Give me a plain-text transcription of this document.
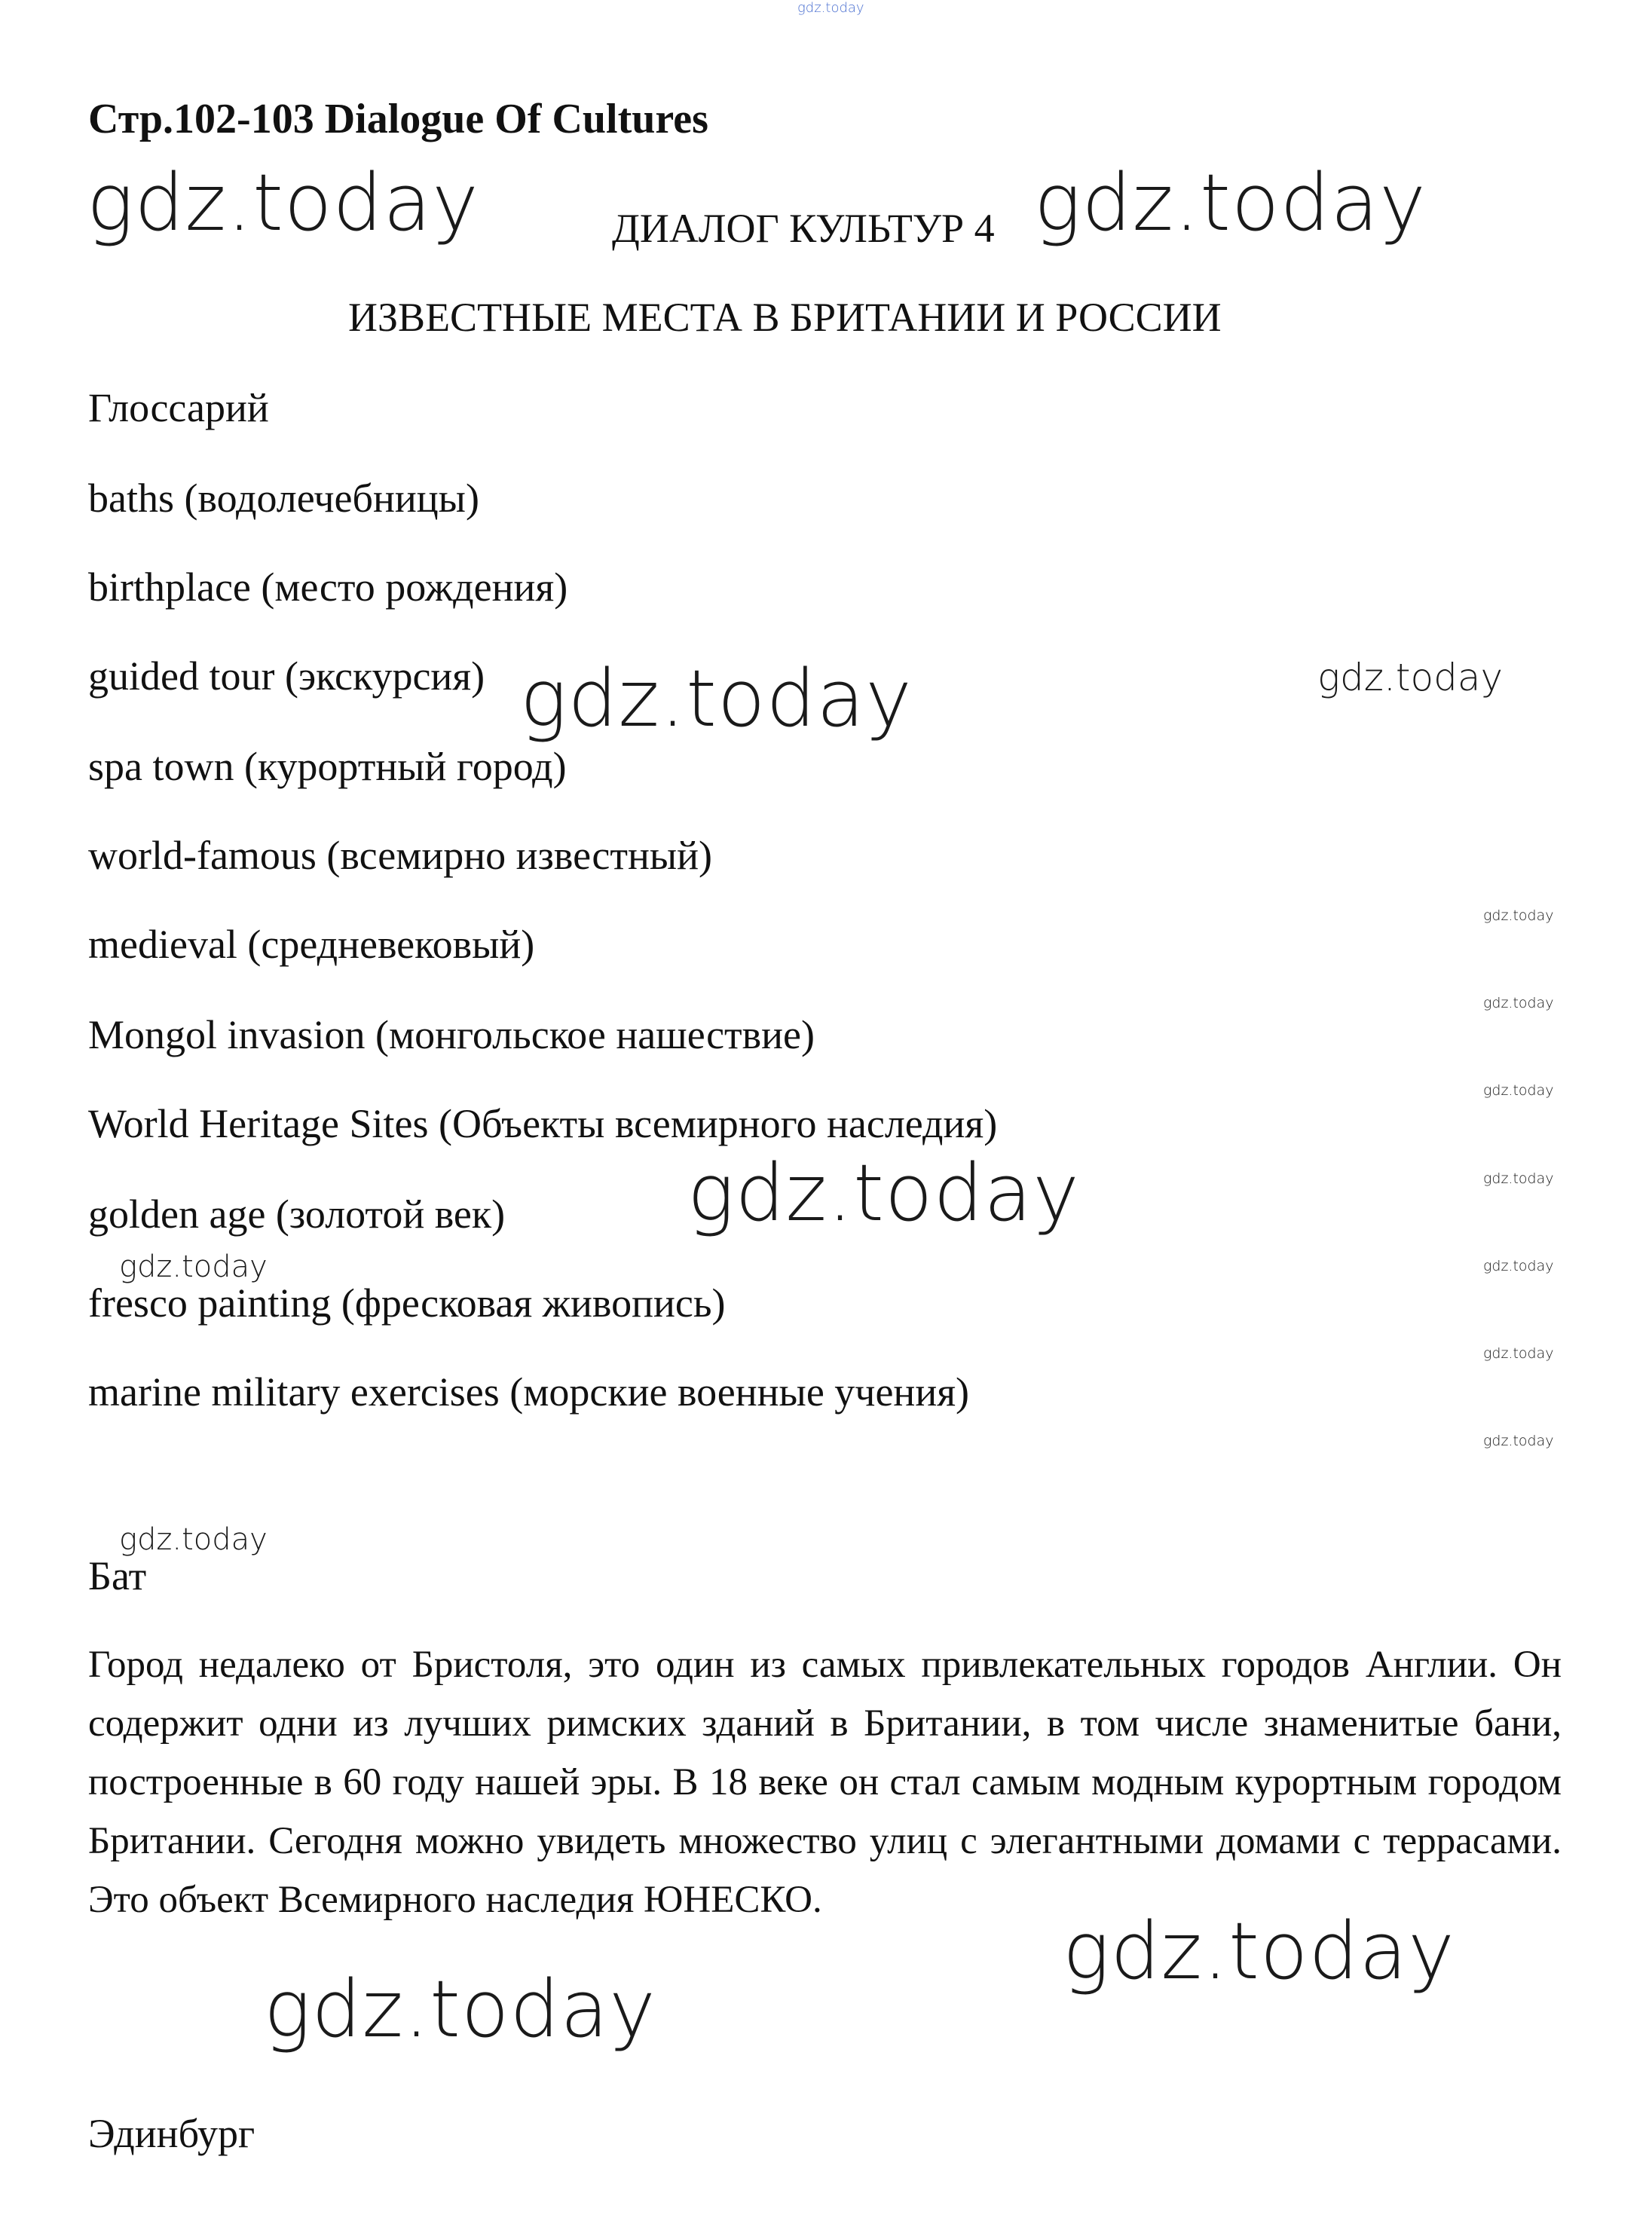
gdz.today
Стр.102-103 Dialogue Of Cultures
ДИАЛОГ КУЛЬТУР 4
ИЗВЕСТНЫЕ МЕСТА В БРИТАНИИ И РОССИИ
Глоссарий
baths (водолечебницы)
birthplace (место рождения)
guided tour (экскурсия)
spa town (курортный город)
world-famous (всемирно известный)
medieval (средневековый)
Mongol invasion (монгольское нашествие)
World Heritage Sites (Объекты всемирного наследия)
golden age (золотой век)
fresco painting (фресковая живопись)
marine military exercises (морские военные учения)
Бат
Город недалеко от Бристоля, это один из самых привлекательных городов Англии. Он содержит одни из лучших римских зданий в Британии, в том числе знаменитые бани, построенные в 60 году нашей эры. В 18 веке он стал самым модным курортным городом Британии. Сегодня можно увидеть множество улиц с элегантными домами с террасами. Это объект Всемирного наследия ЮНЕСКО.
Эдинбург
gdz.today	gdz.today
gdz.today	gdz.today
gdz.today
gdz.today
gdz.today
gdz.today
gdz.today
gdz.today
gdz.today
gdz.today
gdz.today
gdz.today
gdz.today
gdz.today
